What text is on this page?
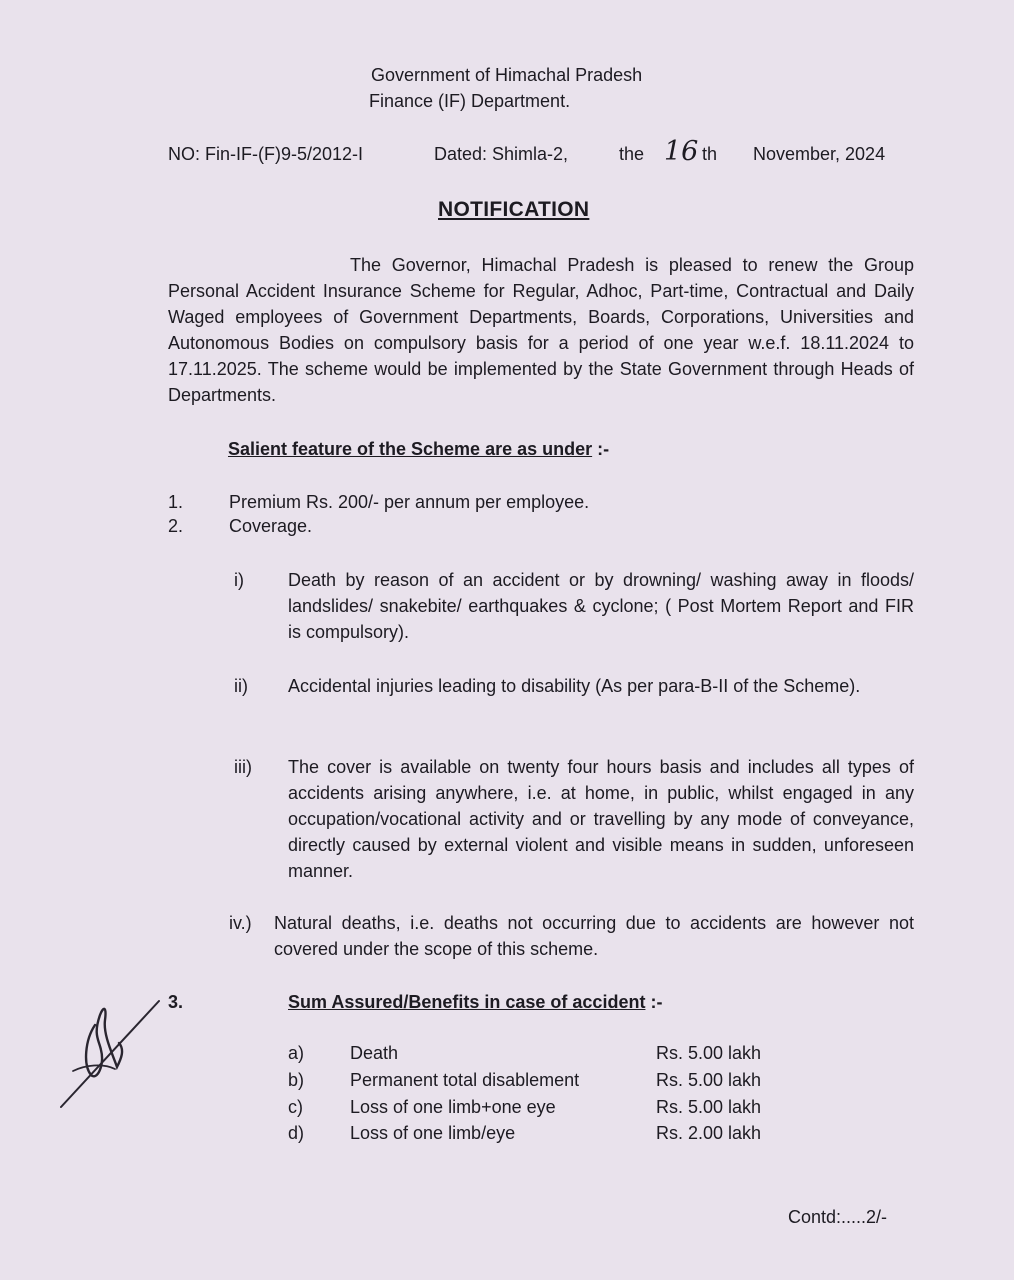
Government of Himachal Pradesh
Finance (IF) Department.
NO: Fin-IF-(F)9-5/2012-I	Dated: Shimla-2,	the 16 th November, 2024
NOTIFICATION

The Governor, Himachal Pradesh is pleased to renew the Group Personal Accident Insurance Scheme for Regular, Adhoc, Part-time, Contractual and Daily Waged employees of Government Departments, Boards, Corporations, Universities and Autonomous Bodies on compulsory basis for a period of one year w.e.f. 18.11.2024 to 17.11.2025. The scheme would be implemented by the State Government through Heads of Departments.

Salient feature of the Scheme are as under :-
1.	Premium Rs. 200/- per annum per employee.
2.	Coverage.
i) Death by reason of an accident or by drowning/ washing away in floods/ landslides/ snakebite/ earthquakes & cyclone; ( Post Mortem Report and FIR is compulsory).
ii) Accidental injuries leading to disability (As per para-B-II of the Scheme).
iii) The cover is available on twenty four hours basis and includes all types of accidents arising anywhere, i.e. at home, in public, whilst engaged in any occupation/vocational activity and or travelling by any mode of conveyance, directly caused by external violent and visible means in sudden, unforeseen manner.
iv.) Natural deaths, i.e. deaths not occurring due to accidents are however not covered under the scope of this scheme.
3.	Sum Assured/Benefits in case of accident :-
a)	Death	Rs. 5.00 lakh
b)	Permanent total disablement	Rs. 5.00 lakh
c)	Loss of one limb+one eye	Rs. 5.00 lakh
d)	Loss of one limb/eye	Rs. 2.00 lakh
Contd:.....2/-
